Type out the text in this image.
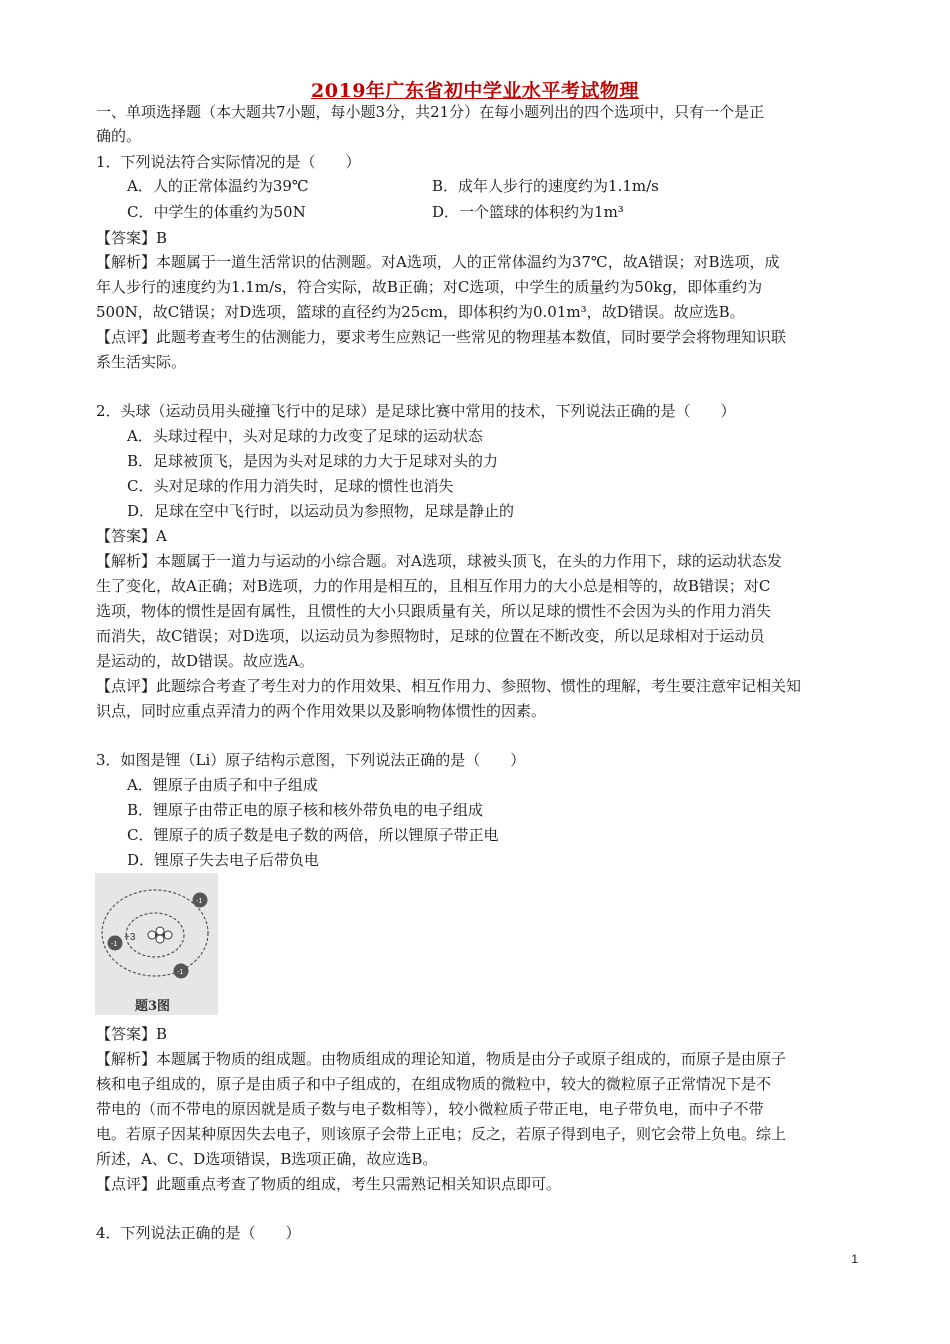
2019年广东省初中学业水平考试物理
一、单项选择题（本大题共7小题，每小题3分，共21分）在每小题列出的四个选项中，只有一个是正
确的。
1．下列说法符合实际情况的是（　　）
A．人的正常体温约为39℃	B．成年人步行的速度约为1.1m/s
C．中学生的体重约为50N	D．一个篮球的体积约为1m³
【答案】B
【解析】本题属于一道生活常识的估测题。对A选项，人的正常体温约为37℃，故A错误；对B选项，成
年人步行的速度约为1.1m/s，符合实际，故B正确；对C选项，中学生的质量约为50kg，即体重约为
500N，故C错误；对D选项，篮球的直径约为25cm，即体积约为0.01m³，故D错误。故应选B。
【点评】此题考查考生的估测能力，要求考生应熟记一些常见的物理基本数值，同时要学会将物理知识联
系生活实际。
2．头球（运动员用头碰撞飞行中的足球）是足球比赛中常用的技术，下列说法正确的是（　　）
A．头球过程中，头对足球的力改变了足球的运动状态
B．足球被顶飞，是因为头对足球的力大于足球对头的力
C．头对足球的作用力消失时，足球的惯性也消失
D．足球在空中飞行时，以运动员为参照物，足球是静止的
【答案】A
【解析】本题属于一道力与运动的小综合题。对A选项，球被头顶飞，在头的力作用下，球的运动状态发
生了变化，故A正确；对B选项，力的作用是相互的，且相互作用力的大小总是相等的，故B错误；对C
选项，物体的惯性是固有属性，且惯性的大小只跟质量有关，所以足球的惯性不会因为头的作用力消失
而消失，故C错误；对D选项，以运动员为参照物时，足球的位置在不断改变，所以足球相对于运动员
是运动的，故D错误。故应选A。
【点评】此题综合考查了考生对力的作用效果、相互作用力、参照物、惯性的理解，考生要注意牢记相关知
识点，同时应重点弄清力的两个作用效果以及影响物体惯性的因素。
3．如图是锂（Li）原子结构示意图，下列说法正确的是（　　）
A．锂原子由质子和中子组成
B．锂原子由带正电的原子核和核外带负电的电子组成
C．锂原子的质子数是电子数的两倍，所以锂原子带正电
D．锂原子失去电子后带负电
+3
-1
-1
-1
题3图
【答案】B
【解析】本题属于物质的组成题。由物质组成的理论知道，物质是由分子或原子组成的，而原子是由原子
核和电子组成的，原子是由质子和中子组成的，在组成物质的微粒中，较大的微粒原子正常情况下是不
带电的（而不带电的原因就是质子数与电子数相等），较小微粒质子带正电，电子带负电，而中子不带
电。若原子因某种原因失去电子，则该原子会带上正电；反之，若原子得到电子，则它会带上负电。综上
所述，A、C、D选项错误，B选项正确，故应选B。
【点评】此题重点考查了物质的组成，考生只需熟记相关知识点即可。
4．下列说法正确的是（　　）
1
